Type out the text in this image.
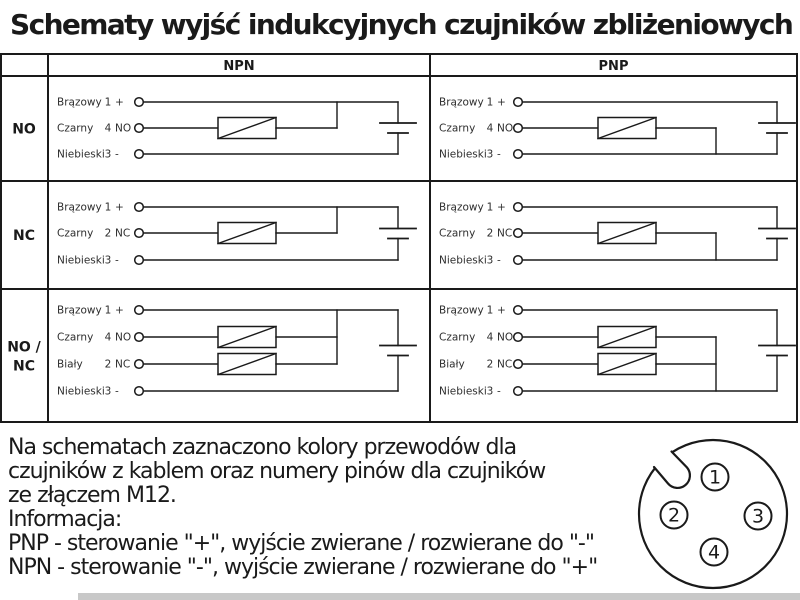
Schematy wyjść indukcyjnych czujników zbliżeniowych
NPN	PNP
NO
NC
NO /
NC
Brązowy 1 +
Czarny 4 NO
Niebieski 3 -
Brązowy 1 +
Czarny 4 NO
Niebieski 3 -
Brązowy 1 +
Czarny 2 NC
Niebieski 3 -
Brązowy 1 +
Czarny 2 NC
Niebieski 3 -
Brązowy 1 +
Czarny 4 NO
Biały 2 NC
Niebieski 3 -
Brązowy 1 +
Czarny 4 NO
Biały 2 NC
Niebieski 3 -
1
2	3
4
Na schematach zaznaczono kolory przewodów dla
czujników z kablem oraz numery pinów dla czujników
ze złączem M12.
Informacja:
PNP - sterowanie "+", wyjście zwierane / rozwierane do "-"
NPN - sterowanie "-", wyjście zwierane / rozwierane do "+"
